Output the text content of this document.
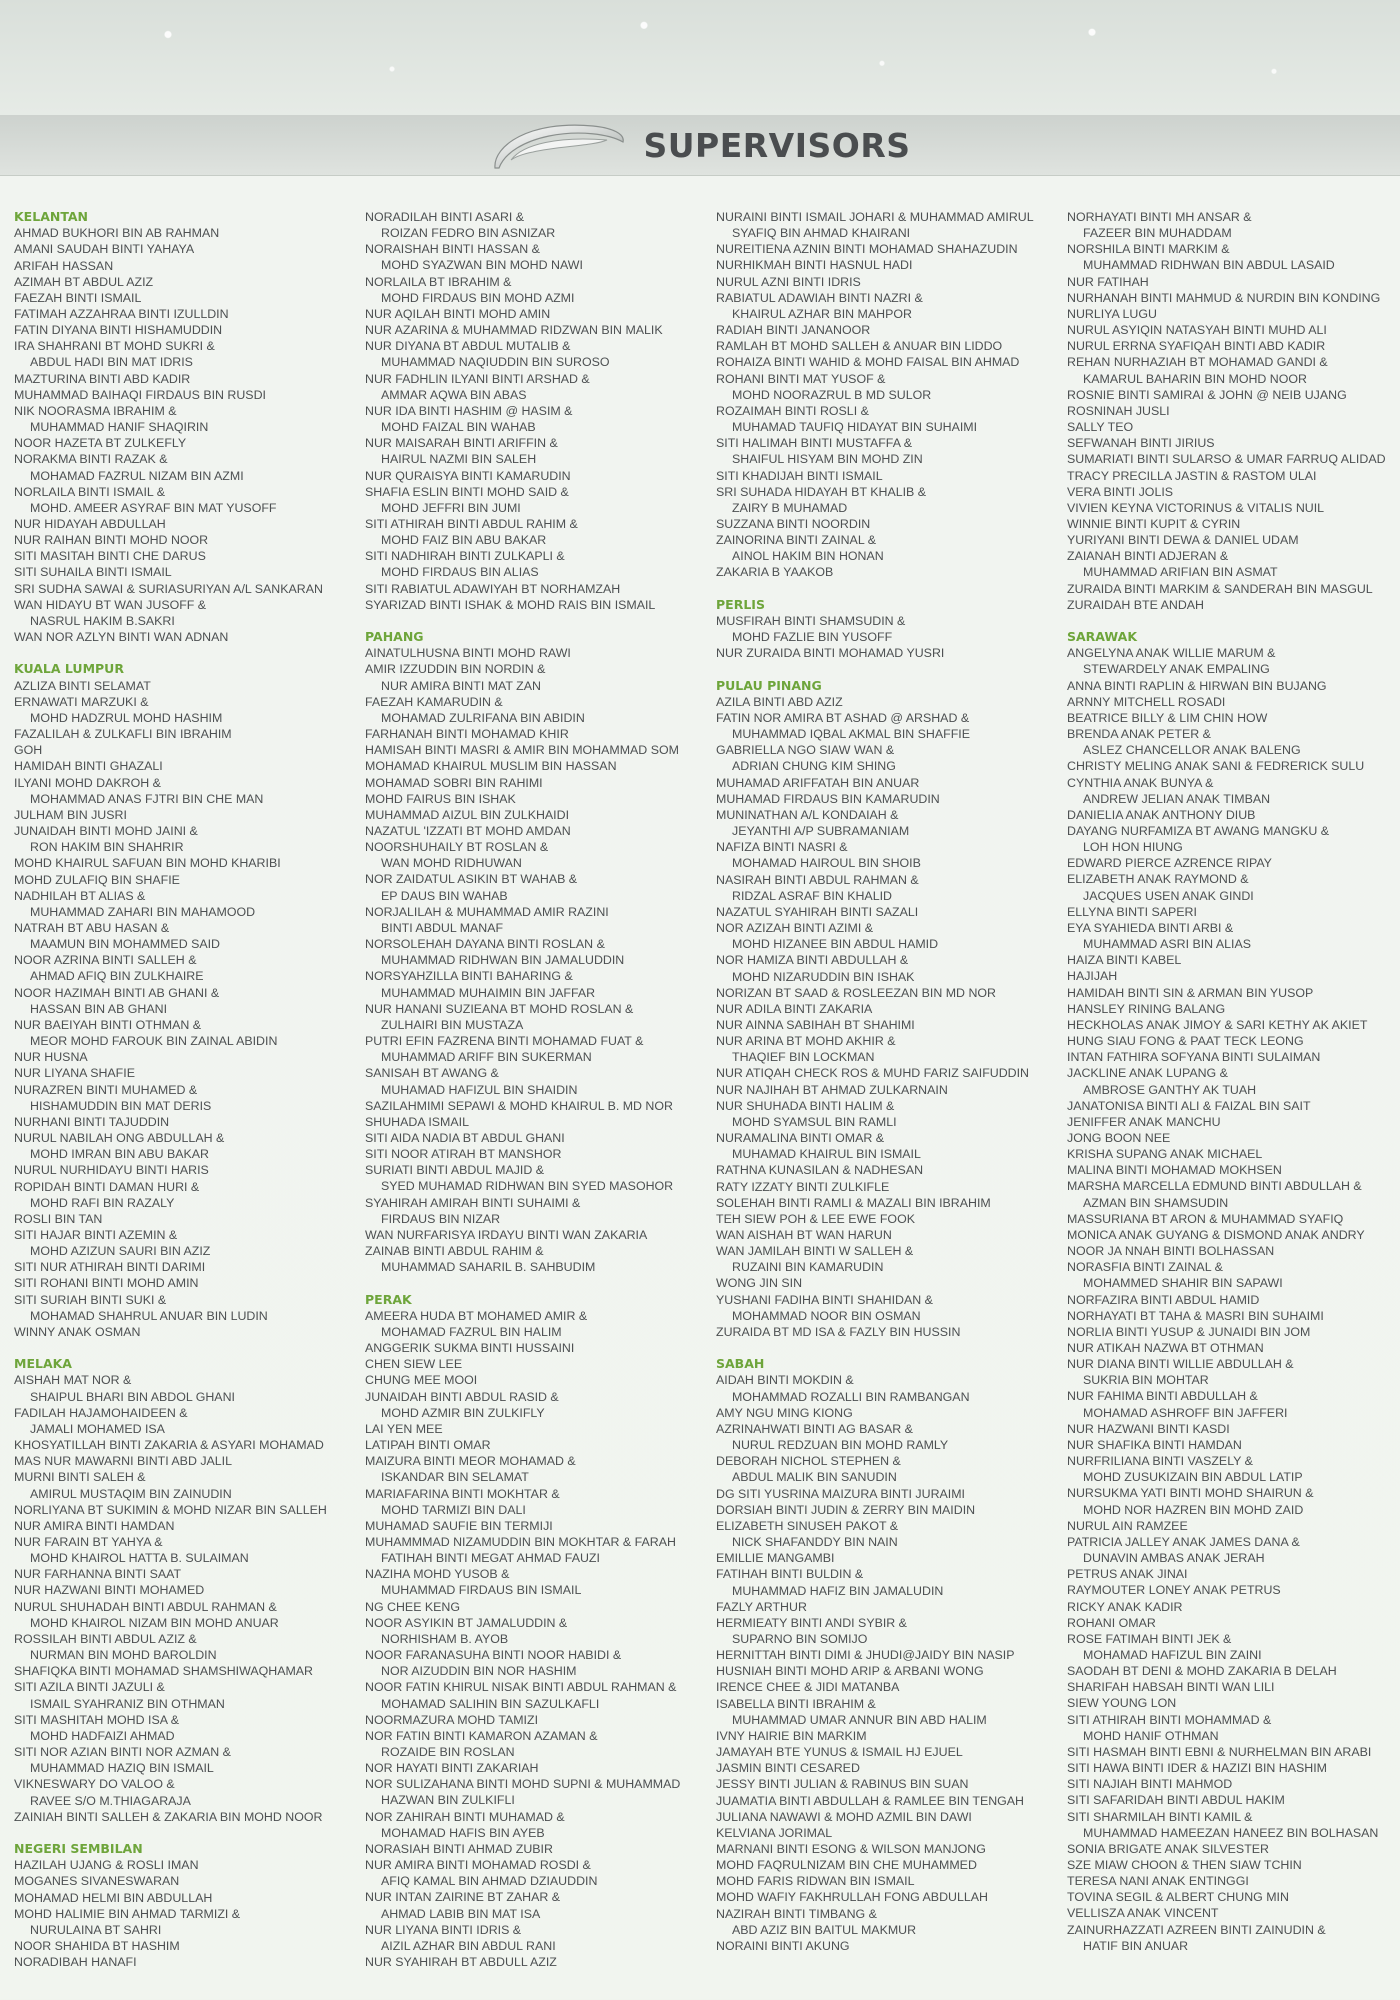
SUPERVISORS
KELANTAN
AHMAD BUKHORI BIN AB RAHMAN
AMANI SAUDAH BINTI YAHAYA
ARIFAH HASSAN
AZIMAH BT ABDUL AZIZ
FAEZAH BINTI ISMAIL
FATIMAH AZZAHRAA BINTI IZULLDIN
FATIN DIYANA BINTI HISHAMUDDIN
IRA SHAHRANI BT MOHD SUKRI &
ABDUL HADI BIN MAT IDRIS
MAZTURINA BINTI ABD KADIR
MUHAMMAD BAIHAQI FIRDAUS BIN RUSDI
NIK NOORASMA IBRAHIM &
MUHAMMAD HANIF SHAQIRIN
NOOR HAZETA BT ZULKEFLY
NORAKMA BINTI RAZAK &
MOHAMAD FAZRUL NIZAM BIN AZMI
NORLAILA BINTI ISMAIL &
MOHD. AMEER ASYRAF BIN MAT YUSOFF
NUR HIDAYAH ABDULLAH
NUR RAIHAN BINTI MOHD NOOR
SITI MASITAH BINTI CHE DARUS
SITI SUHAILA BINTI ISMAIL
SRI SUDHA SAWAI & SURIASURIYAN A/L SANKARAN
WAN HIDAYU BT WAN JUSOFF &
NASRUL HAKIM B.SAKRI
WAN NOR AZLYN BINTI WAN ADNAN
KUALA LUMPUR
AZLIZA BINTI SELAMAT
ERNAWATI MARZUKI &
MOHD HADZRUL MOHD HASHIM
FAZALILAH & ZULKAFLI BIN IBRAHIM
GOH
HAMIDAH BINTI GHAZALI
ILYANI MOHD DAKROH &
MOHAMMAD ANAS FJTRI BIN CHE MAN
JULHAM BIN JUSRI
JUNAIDAH BINTI MOHD JAINI &
RON HAKIM BIN SHAHRIR
MOHD KHAIRUL SAFUAN BIN MOHD KHARIBI
MOHD ZULAFIQ BIN SHAFIE
NADHILAH BT ALIAS &
MUHAMMAD ZAHARI BIN MAHAMOOD
NATRAH BT ABU HASAN &
MAAMUN BIN MOHAMMED SAID
NOOR AZRINA BINTI SALLEH &
AHMAD AFIQ BIN ZULKHAIRE
NOOR HAZIMAH BINTI AB GHANI &
HASSAN BIN AB GHANI
NUR BAEIYAH BINTI OTHMAN &
MEOR MOHD FAROUK BIN ZAINAL ABIDIN
NUR HUSNA
NUR LIYANA SHAFIE
NURAZREN BINTI MUHAMED &
HISHAMUDDIN BIN MAT DERIS
NURHANI BINTI TAJUDDIN
NURUL NABILAH ONG ABDULLAH &
MOHD IMRAN BIN ABU BAKAR
NURUL NURHIDAYU BINTI HARIS
ROPIDAH BINTI DAMAN HURI &
MOHD RAFI BIN RAZALY
ROSLI BIN TAN
SITI HAJAR BINTI AZEMIN &
MOHD AZIZUN SAURI BIN AZIZ
SITI NUR ATHIRAH BINTI DARIMI
SITI ROHANI BINTI MOHD AMIN
SITI SURIAH BINTI SUKI &
MOHAMAD SHAHRUL ANUAR BIN LUDIN
WINNY ANAK OSMAN
MELAKA
AISHAH MAT NOR &
SHAIPUL BHARI BIN ABDOL GHANI
FADILAH HAJAMOHAIDEEN &
JAMALI MOHAMED ISA
KHOSYATILLAH BINTI ZAKARIA & ASYARI MOHAMAD
MAS NUR MAWARNI BINTI ABD JALIL
MURNI BINTI SALEH &
AMIRUL MUSTAQIM BIN ZAINUDIN
NORLIYANA BT SUKIMIN & MOHD NIZAR BIN SALLEH
NUR AMIRA BINTI HAMDAN
NUR FARAIN BT YAHYA &
MOHD KHAIROL HATTA B. SULAIMAN
NUR FARHANNA BINTI SAAT
NUR HAZWANI BINTI MOHAMED
NURUL SHUHADAH BINTI ABDUL RAHMAN &
MOHD KHAIROL NIZAM BIN MOHD ANUAR
ROSSILAH BINTI ABDUL AZIZ &
NURMAN BIN MOHD BAROLDIN
SHAFIQKA BINTI MOHAMAD SHAMSHIWAQHAMAR
SITI AZILA BINTI JAZULI &
ISMAIL SYAHRANIZ BIN OTHMAN
SITI MASHITAH MOHD ISA &
MOHD HADFAIZI AHMAD
SITI NOR AZIAN BINTI NOR AZMAN &
MUHAMMAD HAZIQ BIN ISMAIL
VIKNESWARY DO VALOO &
RAVEE S/O M.THIAGARAJA
ZAINIAH BINTI SALLEH & ZAKARIA BIN MOHD NOOR
NEGERI SEMBILAN
HAZILAH UJANG & ROSLI IMAN
MOGANES SIVANESWARAN
MOHAMAD HELMI BIN ABDULLAH
MOHD HALIMIE BIN AHMAD TARMIZI &
NURULAINA BT SAHRI
NOOR SHAHIDA BT HASHIM
NORADIBAH HANAFI
NORADILAH BINTI ASARI &
ROIZAN FEDRO BIN ASNIZAR
NORAISHAH BINTI HASSAN &
MOHD SYAZWAN BIN MOHD NAWI
NORLAILA BT IBRAHIM &
MOHD FIRDAUS BIN MOHD AZMI
NUR AQILAH BINTI MOHD AMIN
NUR AZARINA & MUHAMMAD RIDZWAN BIN MALIK
NUR DIYANA BT ABDUL MUTALIB &
MUHAMMAD NAQIUDDIN BIN SUROSO
NUR FADHLIN ILYANI BINTI ARSHAD &
AMMAR AQWA BIN ABAS
NUR IDA BINTI HASHIM @ HASIM &
MOHD FAIZAL BIN WAHAB
NUR MAISARAH BINTI ARIFFIN &
HAIRUL NAZMI BIN SALEH
NUR QURAISYA BINTI KAMARUDIN
SHAFIA ESLIN BINTI MOHD SAID &
MOHD JEFFRI BIN JUMI
SITI ATHIRAH BINTI ABDUL RAHIM &
MOHD FAIZ BIN ABU BAKAR
SITI NADHIRAH BINTI ZULKAPLI &
MOHD FIRDAUS BIN ALIAS
SITI RABIATUL ADAWIYAH BT NORHAMZAH
SYARIZAD BINTI ISHAK & MOHD RAIS BIN ISMAIL
PAHANG
AINATULHUSNA BINTI MOHD RAWI
AMIR IZZUDDIN BIN NORDIN &
NUR AMIRA BINTI MAT ZAN
FAEZAH KAMARUDIN &
MOHAMAD ZULRIFANA BIN ABIDIN
FARHANAH BINTI MOHAMAD KHIR
HAMISAH BINTI MASRI & AMIR BIN MOHAMMAD SOM
MOHAMAD KHAIRUL MUSLIM BIN HASSAN
MOHAMAD SOBRI BIN RAHIMI
MOHD FAIRUS BIN ISHAK
MUHAMMAD AIZUL BIN ZULKHAIDI
NAZATUL 'IZZATI BT MOHD AMDAN
NOORSHUHAILY BT ROSLAN &
WAN MOHD RIDHUWAN
NOR ZAIDATUL ASIKIN BT WAHAB &
EP DAUS BIN WAHAB
NORJALILAH & MUHAMMAD AMIR RAZINI
BINTI ABDUL MANAF
NORSOLEHAH DAYANA BINTI ROSLAN &
MUHAMMAD RIDHWAN BIN JAMALUDDIN
NORSYAHZILLA BINTI BAHARING &
MUHAMMAD MUHAIMIN BIN JAFFAR
NUR HANANI SUZIEANA BT MOHD ROSLAN &
ZULHAIRI BIN MUSTAZA
PUTRI EFIN FAZRENA BINTI MOHAMAD FUAT &
MUHAMMAD ARIFF BIN SUKERMAN
SANISAH BT AWANG &
MUHAMAD HAFIZUL BIN SHAIDIN
SAZILAHMIMI SEPAWI & MOHD KHAIRUL B. MD NOR
SHUHADA ISMAIL
SITI AIDA NADIA BT ABDUL GHANI
SITI NOOR ATIRAH BT MANSHOR
SURIATI BINTI ABDUL MAJID &
SYED MUHAMAD RIDHWAN BIN SYED MASOHOR
SYAHIRAH AMIRAH BINTI SUHAIMI &
FIRDAUS BIN NIZAR
WAN NURFARISYA IRDAYU BINTI WAN ZAKARIA
ZAINAB BINTI ABDUL RAHIM &
MUHAMMAD SAHARIL B. SAHBUDIM
PERAK
AMEERA HUDA BT MOHAMED AMIR &
MOHAMAD FAZRUL BIN HALIM
ANGGERIK SUKMA BINTI HUSSAINI
CHEN SIEW LEE
CHUNG MEE MOOI
JUNAIDAH BINTI ABDUL RASID &
MOHD AZMIR BIN ZULKIFLY
LAI YEN MEE
LATIPAH BINTI OMAR
MAIZURA BINTI MEOR MOHAMAD &
ISKANDAR BIN SELAMAT
MARIAFARINA BINTI MOKHTAR &
MOHD TARMIZI BIN DALI
MUHAMAD SAUFIE BIN TERMIJI
MUHAMMMAD NIZAMUDDIN BIN MOKHTAR & FARAH
FATIHAH BINTI MEGAT AHMAD FAUZI
NAZIHA MOHD YUSOB &
MUHAMMAD FIRDAUS BIN ISMAIL
NG CHEE KENG
NOOR ASYIKIN BT JAMALUDDIN &
NORHISHAM B. AYOB
NOOR FARANASUHA BINTI NOOR HABIDI &
NOR AIZUDDIN BIN NOR HASHIM
NOOR FATIN KHIRUL NISAK BINTI ABDUL RAHMAN &
MOHAMAD SALIHIN BIN SAZULKAFLI
NOORMAZURA MOHD TAMIZI
NOR FATIN BINTI KAMARON AZAMAN &
ROZAIDE BIN ROSLAN
NOR HAYATI BINTI ZAKARIAH
NOR SULIZAHANA BINTI MOHD SUPNI & MUHAMMAD
HAZWAN BIN ZULKIFLI
NOR ZAHIRAH BINTI MUHAMAD &
MOHAMAD HAFIS BIN AYEB
NORASIAH BINTI AHMAD ZUBIR
NUR AMIRA BINTI MOHAMAD ROSDI &
AFIQ KAMAL BIN AHMAD DZIAUDDIN
NUR INTAN ZAIRINE BT ZAHAR &
AHMAD LABIB BIN MAT ISA
NUR LIYANA BINTI IDRIS &
AIZIL AZHAR BIN ABDUL RANI
NUR SYAHIRAH BT ABDULL AZIZ
NURAINI BINTI ISMAIL JOHARI & MUHAMMAD AMIRUL
SYAFIQ BIN AHMAD KHAIRANI
NUREITIENA AZNIN BINTI MOHAMAD SHAHAZUDIN
NURHIKMAH BINTI HASNUL HADI
NURUL AZNI BINTI IDRIS
RABIATUL ADAWIAH BINTI NAZRI &
KHAIRUL AZHAR BIN MAHPOR
RADIAH BINTI JANANOOR
RAMLAH BT MOHD SALLEH & ANUAR BIN LIDDO
ROHAIZA BINTI WAHID & MOHD FAISAL BIN AHMAD
ROHANI BINTI MAT YUSOF &
MOHD NOORAZRUL B MD SULOR
ROZAIMAH BINTI ROSLI &
MUHAMAD TAUFIQ HIDAYAT BIN SUHAIMI
SITI HALIMAH BINTI MUSTAFFA &
SHAIFUL HISYAM BIN MOHD ZIN
SITI KHADIJAH BINTI ISMAIL
SRI SUHADA HIDAYAH BT KHALIB &
ZAIRY B MUHAMAD
SUZZANA BINTI NOORDIN
ZAINORINA BINTI ZAINAL &
AINOL HAKIM BIN HONAN
ZAKARIA B YAAKOB
PERLIS
MUSFIRAH BINTI SHAMSUDIN &
MOHD FAZLIE BIN YUSOFF
NUR ZURAIDA BINTI MOHAMAD YUSRI
PULAU PINANG
AZILA BINTI ABD AZIZ
FATIN NOR AMIRA BT ASHAD @ ARSHAD &
MUHAMMAD IQBAL AKMAL BIN SHAFFIE
GABRIELLA NGO SIAW WAN &
ADRIAN CHUNG KIM SHING
MUHAMAD ARIFFATAH BIN ANUAR
MUHAMAD FIRDAUS BIN KAMARUDIN
MUNINATHAN A/L KONDAIAH &
JEYANTHI A/P SUBRAMANIAM
NAFIZA BINTI NASRI &
MOHAMAD HAIROUL BIN SHOIB
NASIRAH BINTI ABDUL RAHMAN &
RIDZAL ASRAF BIN KHALID
NAZATUL SYAHIRAH BINTI SAZALI
NOR AZIZAH BINTI AZIMI &
MOHD HIZANEE BIN ABDUL HAMID
NOR HAMIZA BINTI ABDULLAH &
MOHD NIZARUDDIN BIN ISHAK
NORIZAN BT SAAD & ROSLEEZAN BIN MD NOR
NUR ADILA BINTI ZAKARIA
NUR AINNA SABIHAH BT SHAHIMI
NUR ARINA BT MOHD AKHIR &
THAQIEF BIN LOCKMAN
NUR ATIQAH CHECK ROS & MUHD FARIZ SAIFUDDIN
NUR NAJIHAH BT AHMAD ZULKARNAIN
NUR SHUHADA BINTI HALIM &
MOHD SYAMSUL BIN RAMLI
NURAMALINA BINTI OMAR &
MUHAMAD KHAIRUL BIN ISMAIL
RATHNA KUNASILAN & NADHESAN
RATY IZZATY BINTI ZULKIFLE
SOLEHAH BINTI RAMLI & MAZALI BIN IBRAHIM
TEH SIEW POH & LEE EWE FOOK
WAN AISHAH BT WAN HARUN
WAN JAMILAH BINTI W SALLEH &
RUZAINI BIN KAMARUDIN
WONG JIN SIN
YUSHANI FADIHA BINTI SHAHIDAN &
MOHAMMAD NOOR BIN OSMAN
ZURAIDA BT MD ISA & FAZLY BIN HUSSIN
SABAH
AIDAH BINTI MOKDIN &
MOHAMMAD ROZALLI BIN RAMBANGAN
AMY NGU MING KIONG
AZRINAHWATI BINTI AG BASAR &
NURUL REDZUAN BIN MOHD RAMLY
DEBORAH NICHOL STEPHEN &
ABDUL MALIK BIN SANUDIN
DG SITI YUSRINA MAIZURA BINTI JURAIMI
DORSIAH BINTI JUDIN & ZERRY BIN MAIDIN
ELIZABETH SINUSEH PAKOT &
NICK SHAFANDDY BIN NAIN
EMILLIE MANGAMBI
FATIHAH BINTI BULDIN &
MUHAMMAD HAFIZ BIN JAMALUDIN
FAZLY ARTHUR
HERMIEATY BINTI ANDI SYBIR &
SUPARNO BIN SOMIJO
HERNITTAH BINTI DIMI & JHUDI@JAIDY BIN NASIP
HUSNIAH BINTI MOHD ARIP & ARBANI WONG
IRENCE CHEE & JIDI MATANBA
ISABELLA BINTI IBRAHIM &
MUHAMMAD UMAR ANNUR BIN ABD HALIM
IVNY HAIRIE BIN MARKIM
JAMAYAH BTE YUNUS & ISMAIL HJ EJUEL
JASMIN BINTI CESARED
JESSY BINTI JULIAN & RABINUS BIN SUAN
JUAMATIA BINTI ABDULLAH & RAMLEE BIN TENGAH
JULIANA NAWAWI & MOHD AZMIL BIN DAWI
KELVIANA JORIMAL
MARNANI BINTI ESONG & WILSON MANJONG
MOHD FAQRULNIZAM BIN CHE MUHAMMED
MOHD FARIS RIDWAN BIN ISMAIL
MOHD WAFIY FAKHRULLAH FONG ABDULLAH
NAZIRAH BINTI TIMBANG &
ABD AZIZ BIN BAITUL MAKMUR
NORAINI BINTI AKUNG
NORHAYATI BINTI MH ANSAR &
FAZEER BIN MUHADDAM
NORSHILA BINTI MARKIM &
MUHAMMAD RIDHWAN BIN ABDUL LASAID
NUR FATIHAH
NURHANAH BINTI MAHMUD & NURDIN BIN KONDING
NURLIYA LUGU
NURUL ASYIQIN NATASYAH BINTI MUHD ALI
NURUL ERRNA SYAFIQAH BINTI ABD KADIR
REHAN NURHAZIAH BT MOHAMAD GANDI &
KAMARUL BAHARIN BIN MOHD NOOR
ROSNIE BINTI SAMIRAI & JOHN @ NEIB UJANG
ROSNINAH JUSLI
SALLY TEO
SEFWANAH BINTI JIRIUS
SUMARIATI BINTI SULARSO & UMAR FARRUQ ALIDAD
TRACY PRECILLA JASTIN & RASTOM ULAI
VERA BINTI JOLIS
VIVIEN KEYNA VICTORINUS & VITALIS NUIL
WINNIE BINTI KUPIT & CYRIN
YURIYANI BINTI DEWA & DANIEL UDAM
ZAIANAH BINTI ADJERAN &
MUHAMMAD ARIFIAN BIN ASMAT
ZURAIDA BINTI MARKIM & SANDERAH BIN MASGUL
ZURAIDAH BTE ANDAH
SARAWAK
ANGELYNA ANAK WILLIE MARUM &
STEWARDELY ANAK EMPALING
ANNA BINTI RAPLIN & HIRWAN BIN BUJANG
ARNNY MITCHELL ROSADI
BEATRICE BILLY & LIM CHIN HOW
BRENDA ANAK PETER &
ASLEZ CHANCELLOR ANAK BALENG
CHRISTY MELING ANAK SANI & FEDRERICK SULU
CYNTHIA ANAK BUNYA &
ANDREW JELIAN ANAK TIMBAN
DANIELIA ANAK ANTHONY DIUB
DAYANG NURFAMIZA BT AWANG MANGKU &
LOH HON HIUNG
EDWARD PIERCE AZRENCE RIPAY
ELIZABETH ANAK RAYMOND &
JACQUES USEN ANAK GINDI
ELLYNA BINTI SAPERI
EYA SYAHIEDA BINTI ARBI &
MUHAMMAD ASRI BIN ALIAS
HAIZA BINTI KABEL
HAJIJAH
HAMIDAH BINTI SIN & ARMAN BIN YUSOP
HANSLEY RINING BALANG
HECKHOLAS ANAK JIMOY & SARI KETHY AK AKIET
HUNG SIAU FONG & PAAT TECK LEONG
INTAN FATHIRA SOFYANA BINTI SULAIMAN
JACKLINE ANAK LUPANG &
AMBROSE GANTHY AK TUAH
JANATONISA BINTI ALI & FAIZAL BIN SAIT
JENIFFER ANAK MANCHU
JONG BOON NEE
KRISHA SUPANG ANAK MICHAEL
MALINA BINTI MOHAMAD MOKHSEN
MARSHA MARCELLA EDMUND BINTI ABDULLAH &
AZMAN BIN SHAMSUDIN
MASSURIANA BT ARON & MUHAMMAD SYAFIQ
MONICA ANAK GUYANG & DISMOND ANAK ANDRY
NOOR JA NNAH BINTI BOLHASSAN
NORASFIA BINTI ZAINAL &
MOHAMMED SHAHIR BIN SAPAWI
NORFAZIRA BINTI ABDUL HAMID
NORHAYATI BT TAHA & MASRI BIN SUHAIMI
NORLIA BINTI YUSUP & JUNAIDI BIN JOM
NUR ATIKAH NAZWA BT OTHMAN
NUR DIANA BINTI WILLIE ABDULLAH &
SUKRIA BIN MOHTAR
NUR FAHIMA BINTI ABDULLAH &
MOHAMAD ASHROFF BIN JAFFERI
NUR HAZWANI BINTI KASDI
NUR SHAFIKA BINTI HAMDAN
NURFRILIANA BINTI VASZELY &
MOHD ZUSUKIZAIN BIN ABDUL LATIP
NURSUKMA YATI BINTI MOHD SHAIRUN &
MOHD NOR HAZREN BIN MOHD ZAID
NURUL AIN RAMZEE
PATRICIA JALLEY ANAK JAMES DANA &
DUNAVIN AMBAS ANAK JERAH
PETRUS ANAK JINAI
RAYMOUTER LONEY ANAK PETRUS
RICKY ANAK KADIR
ROHANI OMAR
ROSE FATIMAH BINTI JEK &
MOHAMAD HAFIZUL BIN ZAINI
SAODAH BT DENI & MOHD ZAKARIA B DELAH
SHARIFAH HABSAH BINTI WAN LILI
SIEW YOUNG LON
SITI ATHIRAH BINTI MOHAMMAD &
MOHD HANIF OTHMAN
SITI HASMAH BINTI EBNI & NURHELMAN BIN ARABI
SITI HAWA BINTI IDER & HAZIZI BIN HASHIM
SITI NAJIAH BINTI MAHMOD
SITI SAFARIDAH BINTI ABDUL HAKIM
SITI SHARMILAH BINTI KAMIL &
MUHAMMAD HAMEEZAN HANEEZ BIN BOLHASAN
SONIA BRIGATE ANAK SILVESTER
SZE MIAW CHOON & THEN SIAW TCHIN
TERESA NANI ANAK ENTINGGI
TOVINA SEGIL & ALBERT CHUNG MIN
VELLISZA ANAK VINCENT
ZAINURHAZZATI AZREEN BINTI ZAINUDIN &
HATIF BIN ANUAR
